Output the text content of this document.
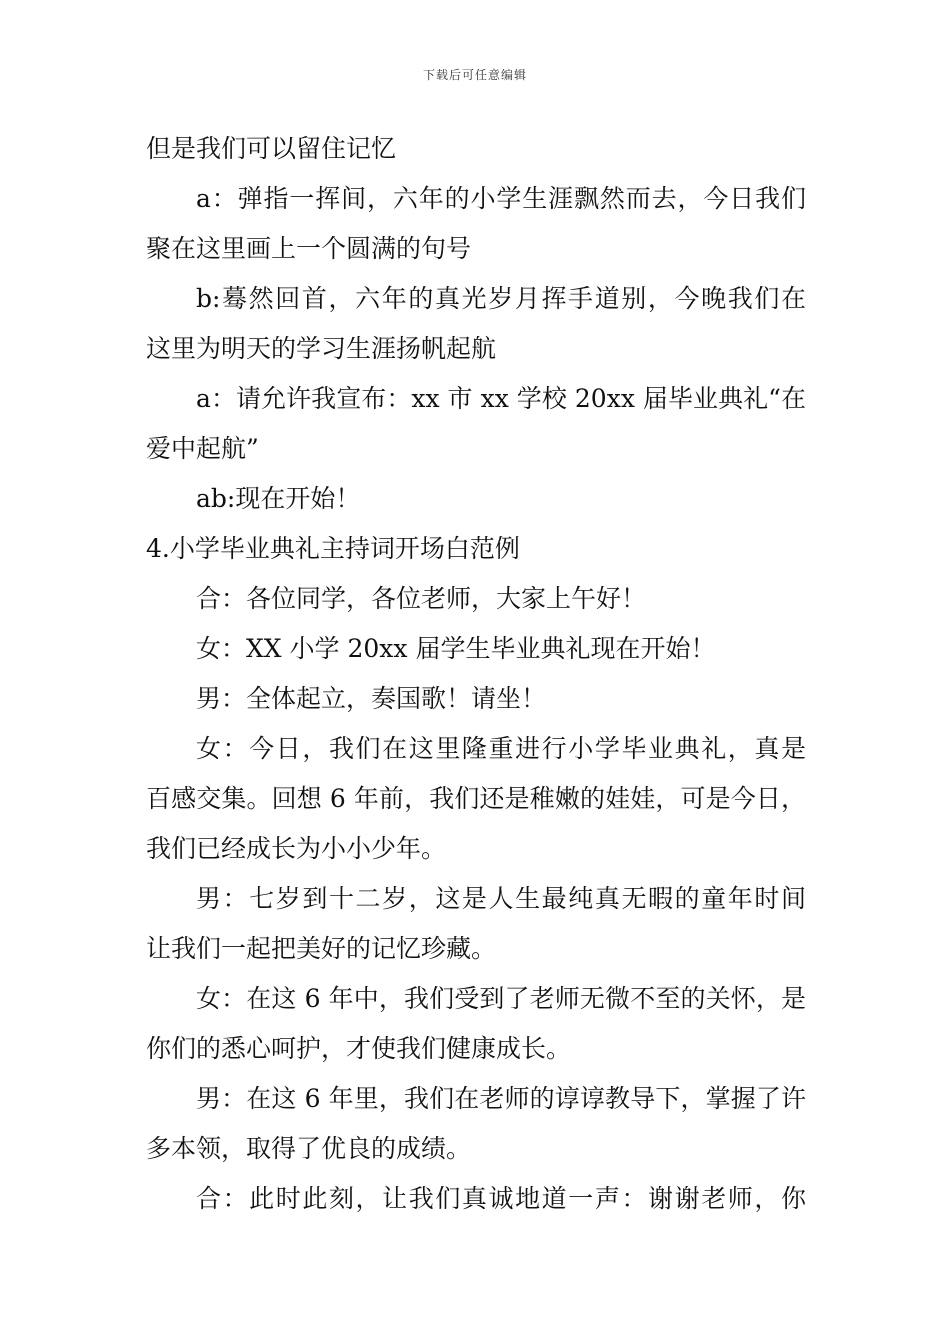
下载后可任意编辑
但是我们可以留住记忆
a：弹指一挥间，六年的小学生涯飘然而去，今日我们
聚在这里画上一个圆满的句号
b:蓦然回首，六年的真光岁月挥手道别，今晚我们在
这里为明天的学习生涯扬帆起航
a：请允许我宣布：xx 市 xx 学校 20xx 届毕业典礼“在
爱中起航”
ab:现在开始！
4.小学毕业典礼主持词开场白范例
合：各位同学，各位老师，大家上午好！
女：XX 小学 20xx 届学生毕业典礼现在开始！
男：全体起立，奏国歌！请坐！
女：今日，我们在这里隆重进行小学毕业典礼，真是
百感交集。回想 6 年前，我们还是稚嫩的娃娃，可是今日，
我们已经成长为小小少年。
男：七岁到十二岁，这是人生最纯真无暇的童年时间
让我们一起把美好的记忆珍藏。
女：在这 6 年中，我们受到了老师无微不至的关怀，是
你们的悉心呵护，才使我们健康成长。
男：在这 6 年里，我们在老师的谆谆教导下，掌握了许
多本领，取得了优良的成绩。
合：此时此刻，让我们真诚地道一声：谢谢老师，你
